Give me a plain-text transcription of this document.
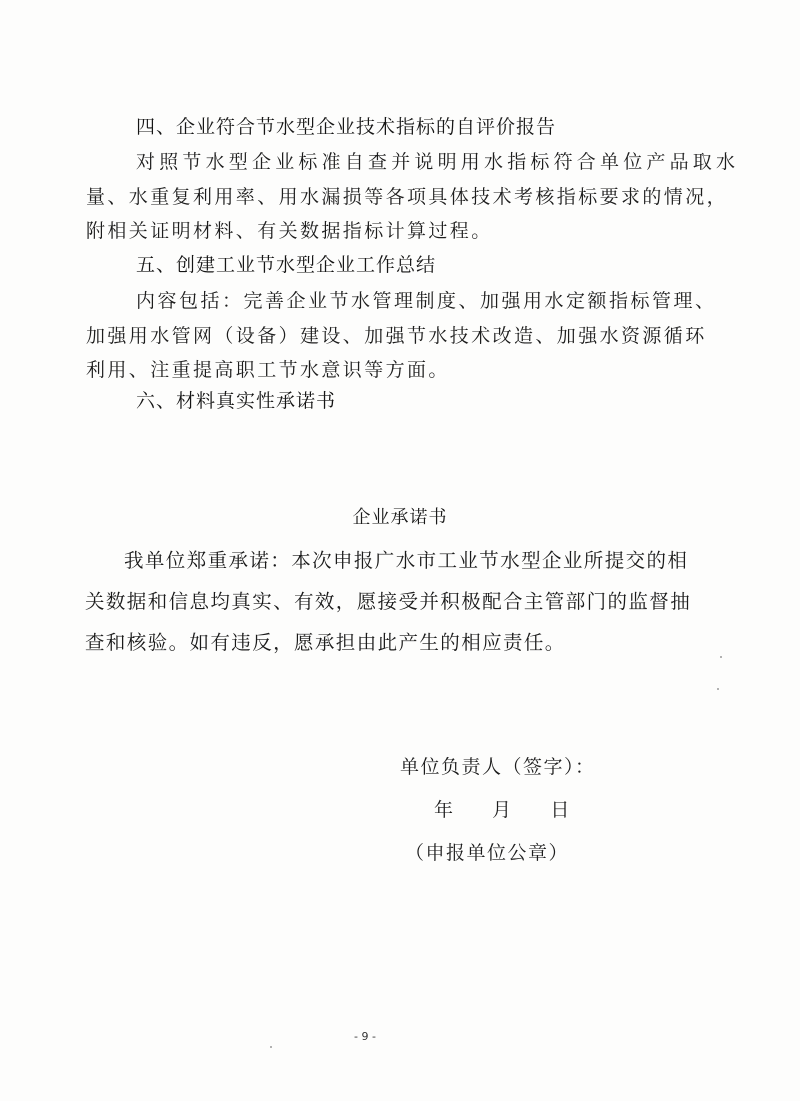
四、企业符合节水型企业技术指标的自评价报告

对照节水型企业标准自查并说明用水指标符合单位产品取水

量、水重复利用率、用水漏损等各项具体技术考核指标要求的情况，

附相关证明材料、有关数据指标计算过程。

五、创建工业节水型企业工作总结

内容包括：完善企业节水管理制度、加强用水定额指标管理、

加强用水管网（设备）建设、加强节水技术改造、加强水资源循环

利用、注重提高职工节水意识等方面。

六、材料真实性承诺书

企业承诺书

我单位郑重承诺：本次申报广水市工业节水型企业所提交的相

关数据和信息均真实、有效，愿接受并积极配合主管部门的监督抽

查和核验。如有违反，愿承担由此产生的相应责任。

单位负责人（签字）：

年    月    日

（申报单位公章）

- 9 -
